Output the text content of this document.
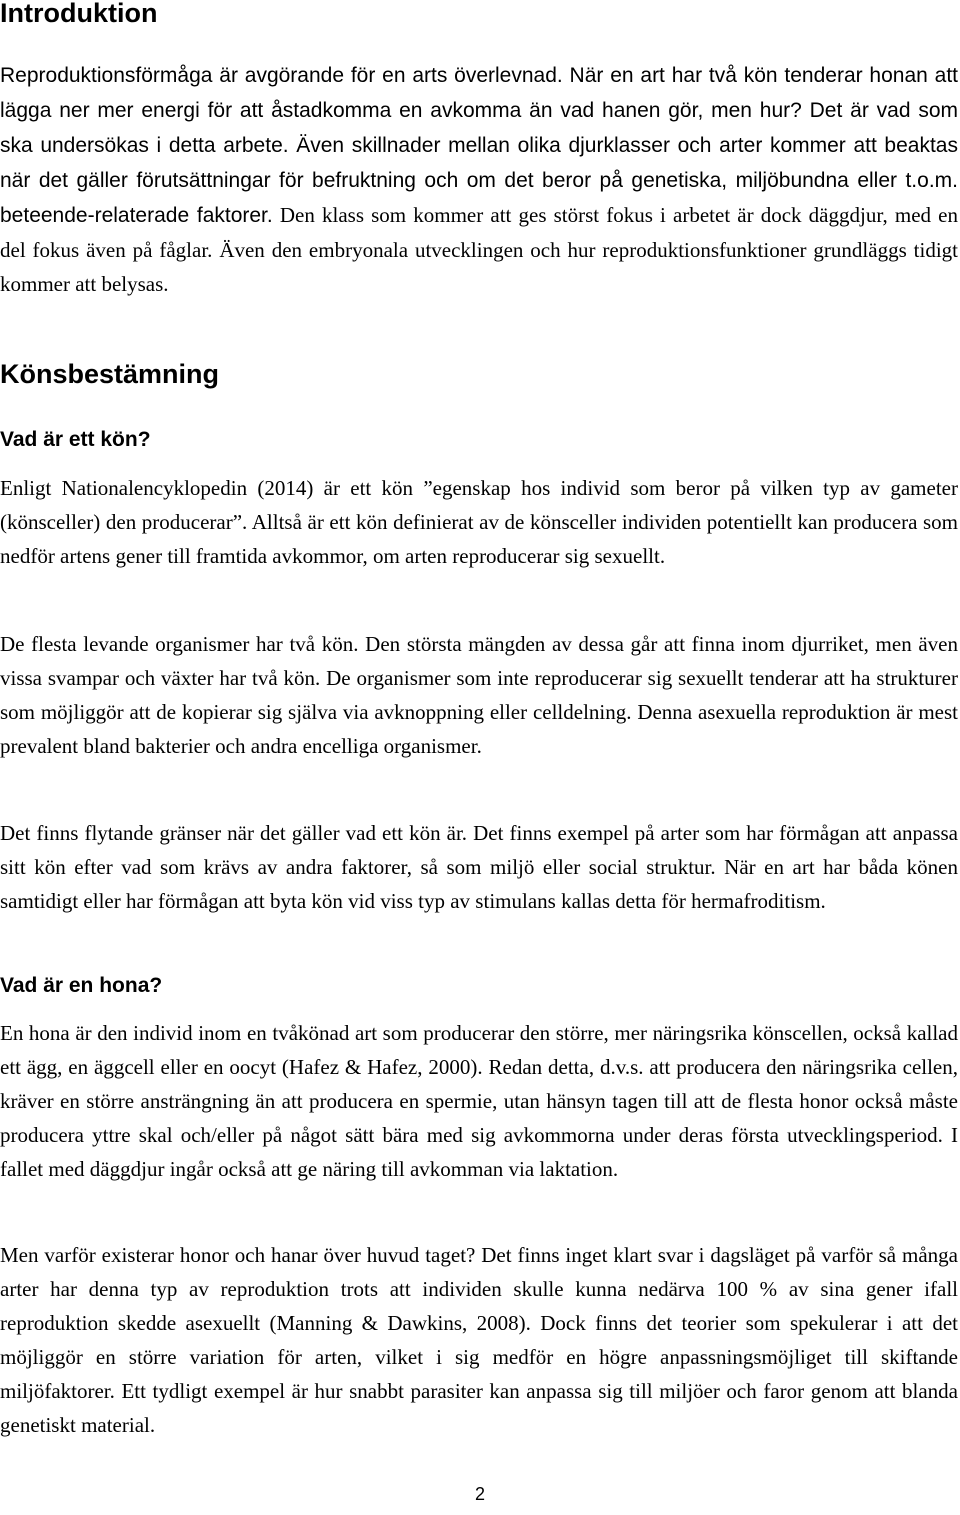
Introduktion

Reproduktionsförmåga är avgörande för en arts överlevnad. När en art har två kön tenderar honan att lägga ner mer energi för att åstadkomma en avkomma än vad hanen gör, men hur? Det är vad som ska undersökas i detta arbete. Även skillnader mellan olika djurklasser och arter kommer att beaktas när det gäller förutsättningar för befruktning och om det beror på genetiska, miljöbundna eller t.o.m. beteende-relaterade faktorer. Den klass som kommer att ges störst fokus i arbetet är dock däggdjur, med en del fokus även på fåglar. Även den embryonala utvecklingen och hur reproduktionsfunktioner grundläggs tidigt kommer att belysas.

Könsbestämning
Vad är ett kön?

Enligt Nationalencyklopedin (2014) är ett kön ”egenskap hos individ som beror på vilken typ av gameter (könsceller) den producerar”. Alltså är ett kön definierat av de könsceller individen potentiellt kan producera som nedför artens gener till framtida avkommor, om arten reproducerar sig sexuellt.

De flesta levande organismer har två kön. Den största mängden av dessa går att finna inom djurriket, men även vissa svampar och växter har två kön. De organismer som inte reproducerar sig sexuellt tenderar att ha strukturer som möjliggör att de kopierar sig själva via avknoppning eller celldelning. Denna asexuella reproduktion är mest prevalent bland bakterier och andra encelliga organismer.

Det finns flytande gränser när det gäller vad ett kön är. Det finns exempel på arter som har förmågan att anpassa sitt kön efter vad som krävs av andra faktorer, så som miljö eller social struktur. När en art har båda könen samtidigt eller har förmågan att byta kön vid viss typ av stimulans kallas detta för hermafroditism.

Vad är en hona?

En hona är den individ inom en tvåkönad art som producerar den större, mer näringsrika könscellen, också kallad ett ägg, en äggcell eller en oocyt (Hafez & Hafez, 2000). Redan detta, d.v.s. att producera den näringsrika cellen, kräver en större ansträngning än att producera en spermie, utan hänsyn tagen till att de flesta honor också måste producera yttre skal och/eller på något sätt bära med sig avkommorna under deras första utvecklingsperiod. I fallet med däggdjur ingår också att ge näring till avkomman via laktation.

Men varför existerar honor och hanar över huvud taget? Det finns inget klart svar i dagsläget på varför så många arter har denna typ av reproduktion trots att individen skulle kunna nedärva 100 % av sina gener ifall reproduktion skedde asexuellt (Manning & Dawkins, 2008). Dock finns det teorier som spekulerar i att det möjliggör en större variation för arten, vilket i sig medför en högre anpassningsmöjliget till skiftande miljöfaktorer. Ett tydligt exempel är hur snabbt parasiter kan anpassa sig till miljöer och faror genom att blanda genetiskt material.

2
